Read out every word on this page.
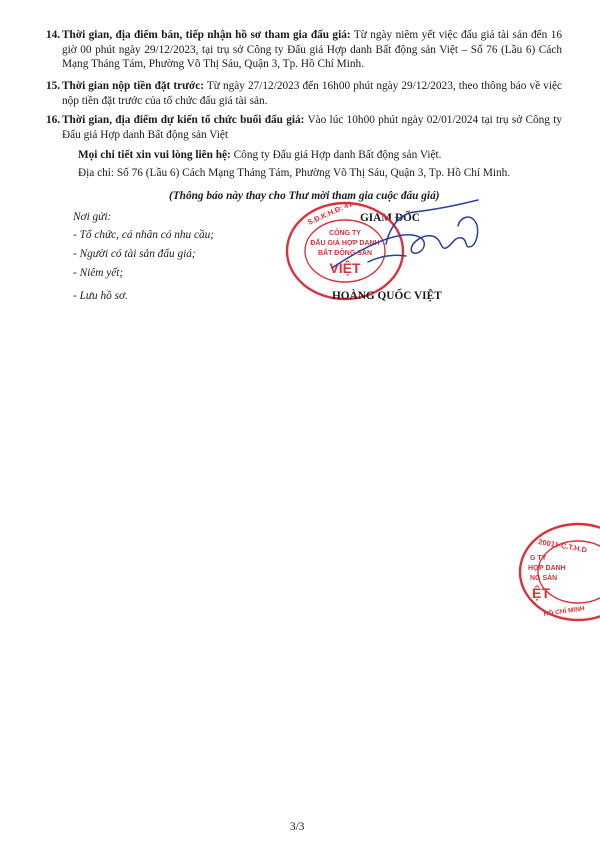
14. Thời gian, địa điểm bán, tiếp nhận hồ sơ tham gia đấu giá: Từ ngày niêm yết việc đấu giá tài sản đến 16 giờ 00 phút ngày 29/12/2023, tại trụ sở Công ty Đấu giá Hợp danh Bất động sản Việt – Số 76 (Lầu 6) Cách Mạng Tháng Tám, Phường Võ Thị Sáu, Quận 3, Tp. Hồ Chí Minh.
15. Thời gian nộp tiền đặt trước: Từ ngày 27/12/2023 đến 16h00 phút ngày 29/12/2023, theo thông báo về việc nộp tiền đặt trước của tổ chức đấu giá tài sản.
16. Thời gian, địa điểm dự kiến tổ chức buổi đấu giá: Vào lúc 10h00 phút ngày 02/01/2024 tại trụ sở Công ty Đấu giá Hợp danh Bất động sản Việt
Mọi chi tiết xin vui lòng liên hệ: Công ty Đấu giá Hợp danh Bất động sản Việt.
Địa chỉ: Số 76 (Lầu 6) Cách Mạng Tháng Tám, Phường Võ Thị Sáu, Quận 3, Tp. Hồ Chí Minh.
(Thông báo này thay cho Thư mời tham gia cuộc đấu giá)
Nơi gửi:
- Tổ chức, cá nhân có nhu cầu;
- Người có tài sản đấu giá;
- Niêm yết;
- Lưu hồ sơ.
GIÁM ĐỐC
S.Đ.K.H.Đ: 41
CÔNG TY
ĐẤU GIÁ HỢP DANH
BẤT ĐỘNG SẢN
VIỆT
HOÀNG QUỐC VIỆT
20011-C.T.H.D
G TY
HỢP DANH
NG SẢN
ỆT
HỒ CHÍ MINH
3/3
